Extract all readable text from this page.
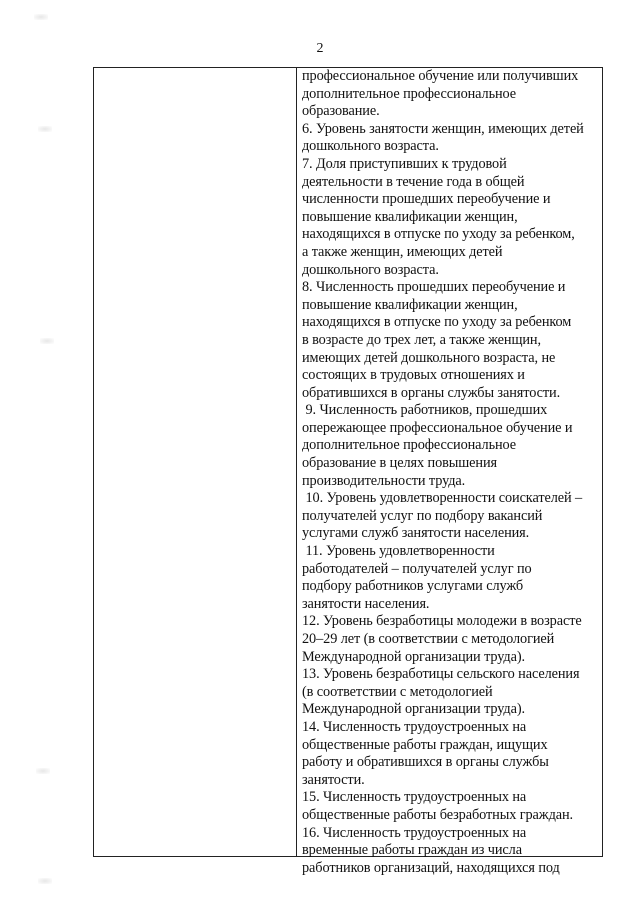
2
профессиональное обучение или получивших
дополнительное профессиональное
образование.
6. Уровень занятости женщин, имеющих детей
дошкольного возраста.
7. Доля приступивших к трудовой
деятельности в течение года в общей
численности прошедших переобучение и
повышение квалификации женщин,
находящихся в отпуске по уходу за ребенком,
а также женщин, имеющих детей
дошкольного возраста.
8. Численность прошедших переобучение и
повышение квалификации женщин,
находящихся в отпуске по уходу за ребенком
в возрасте до трех лет, а также женщин,
имеющих детей дошкольного возраста, не
состоящих в трудовых отношениях и
обратившихся в органы службы занятости.
9. Численность работников, прошедших
опережающее профессиональное обучение и
дополнительное профессиональное
образование в целях повышения
производительности труда.
10. Уровень удовлетворенности соискателей –
получателей услуг по подбору вакансий
услугами служб занятости населения.
11. Уровень удовлетворенности
работодателей – получателей услуг по
подбору работников услугами служб
занятости населения.
12. Уровень безработицы молодежи в возрасте
20–29 лет (в соответствии с методологией
Международной организации труда).
13. Уровень безработицы сельского населения
(в соответствии с методологией
Международной организации труда).
14. Численность трудоустроенных на
общественные работы граждан, ищущих
работу и обратившихся в органы службы
занятости.
15. Численность трудоустроенных на
общественные работы безработных граждан.
16. Численность трудоустроенных на
временные работы граждан из числа
работников организаций, находящихся под
